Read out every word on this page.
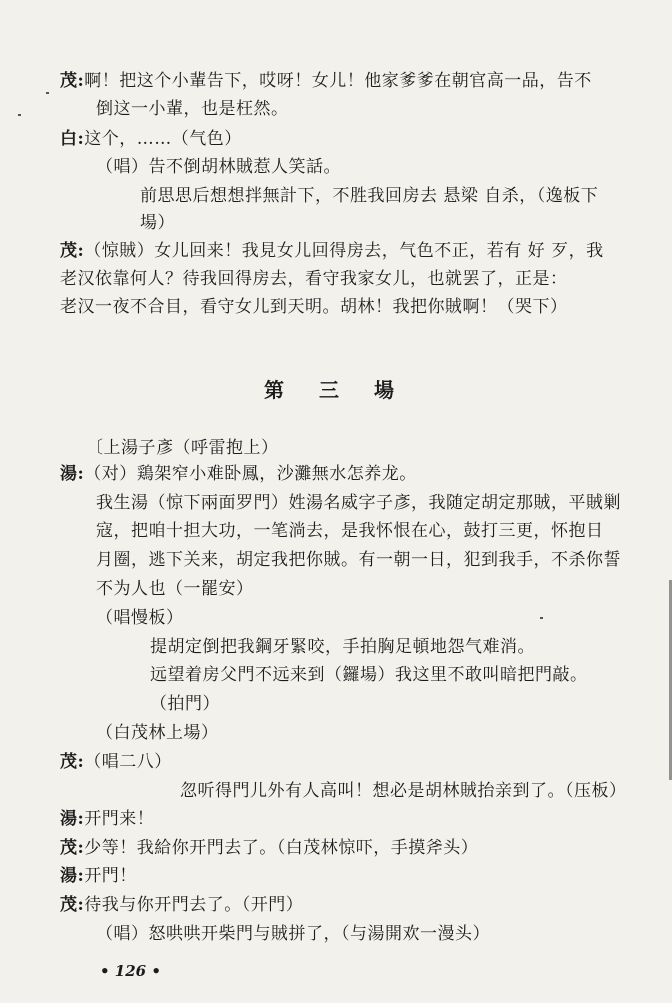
茂:啊！把这个小輩告下，哎呀！女儿！他家爹爹在朝官高一品，告不
倒这一小輩，也是枉然。
白:这个，……（气色）
（唱）告不倒胡林賊惹人笑話。
前思思后想想拌無計下，不胜我回房去 悬梁 自杀，（逸板下
場）
茂:（惊賊）女儿回来！我見女儿回得房去，气色不正，若有 好 歹，我
老汉依靠何人？待我回得房去，看守我家女儿，也就罢了，正是：
老汉一夜不合目，看守女儿到天明。胡林！我把你賊啊！（哭下）
第 三 場
〔上湯子彥（呼雷抱上）
湯:（对）鶏架窄小难卧鳳，沙灘無水怎养龙。
我生湯（惊下兩面罗門）姓湯名威字子彥，我随定胡定那賊，平賊剿
寇，把咱十担大功，一笔淌去，是我怀恨在心，鼓打三更，怀抱日
月圈，逃下关来，胡定我把你賊。有一朝一日，犯到我手，不杀你誓
不为人也（一罷安）
（唱慢板）
提胡定倒把我鋼牙緊咬，手拍胸足頓地怨气难消。
远望着房父門不远来到（鑼場）我这里不敢叫暗把門敲。
（拍門）
（白茂林上場）
茂:（唱二八）
忽听得門儿外有人高叫！想必是胡林賊抬亲到了。（压板）
湯:开門来！
茂:少等！我給你开門去了。（白茂林惊吓，手摸斧头）
湯:开門！
茂:待我与你开門去了。（开門）
（唱）怒哄哄开柴門与賊拼了，（与湯開欢一漫头）
• 126 •
